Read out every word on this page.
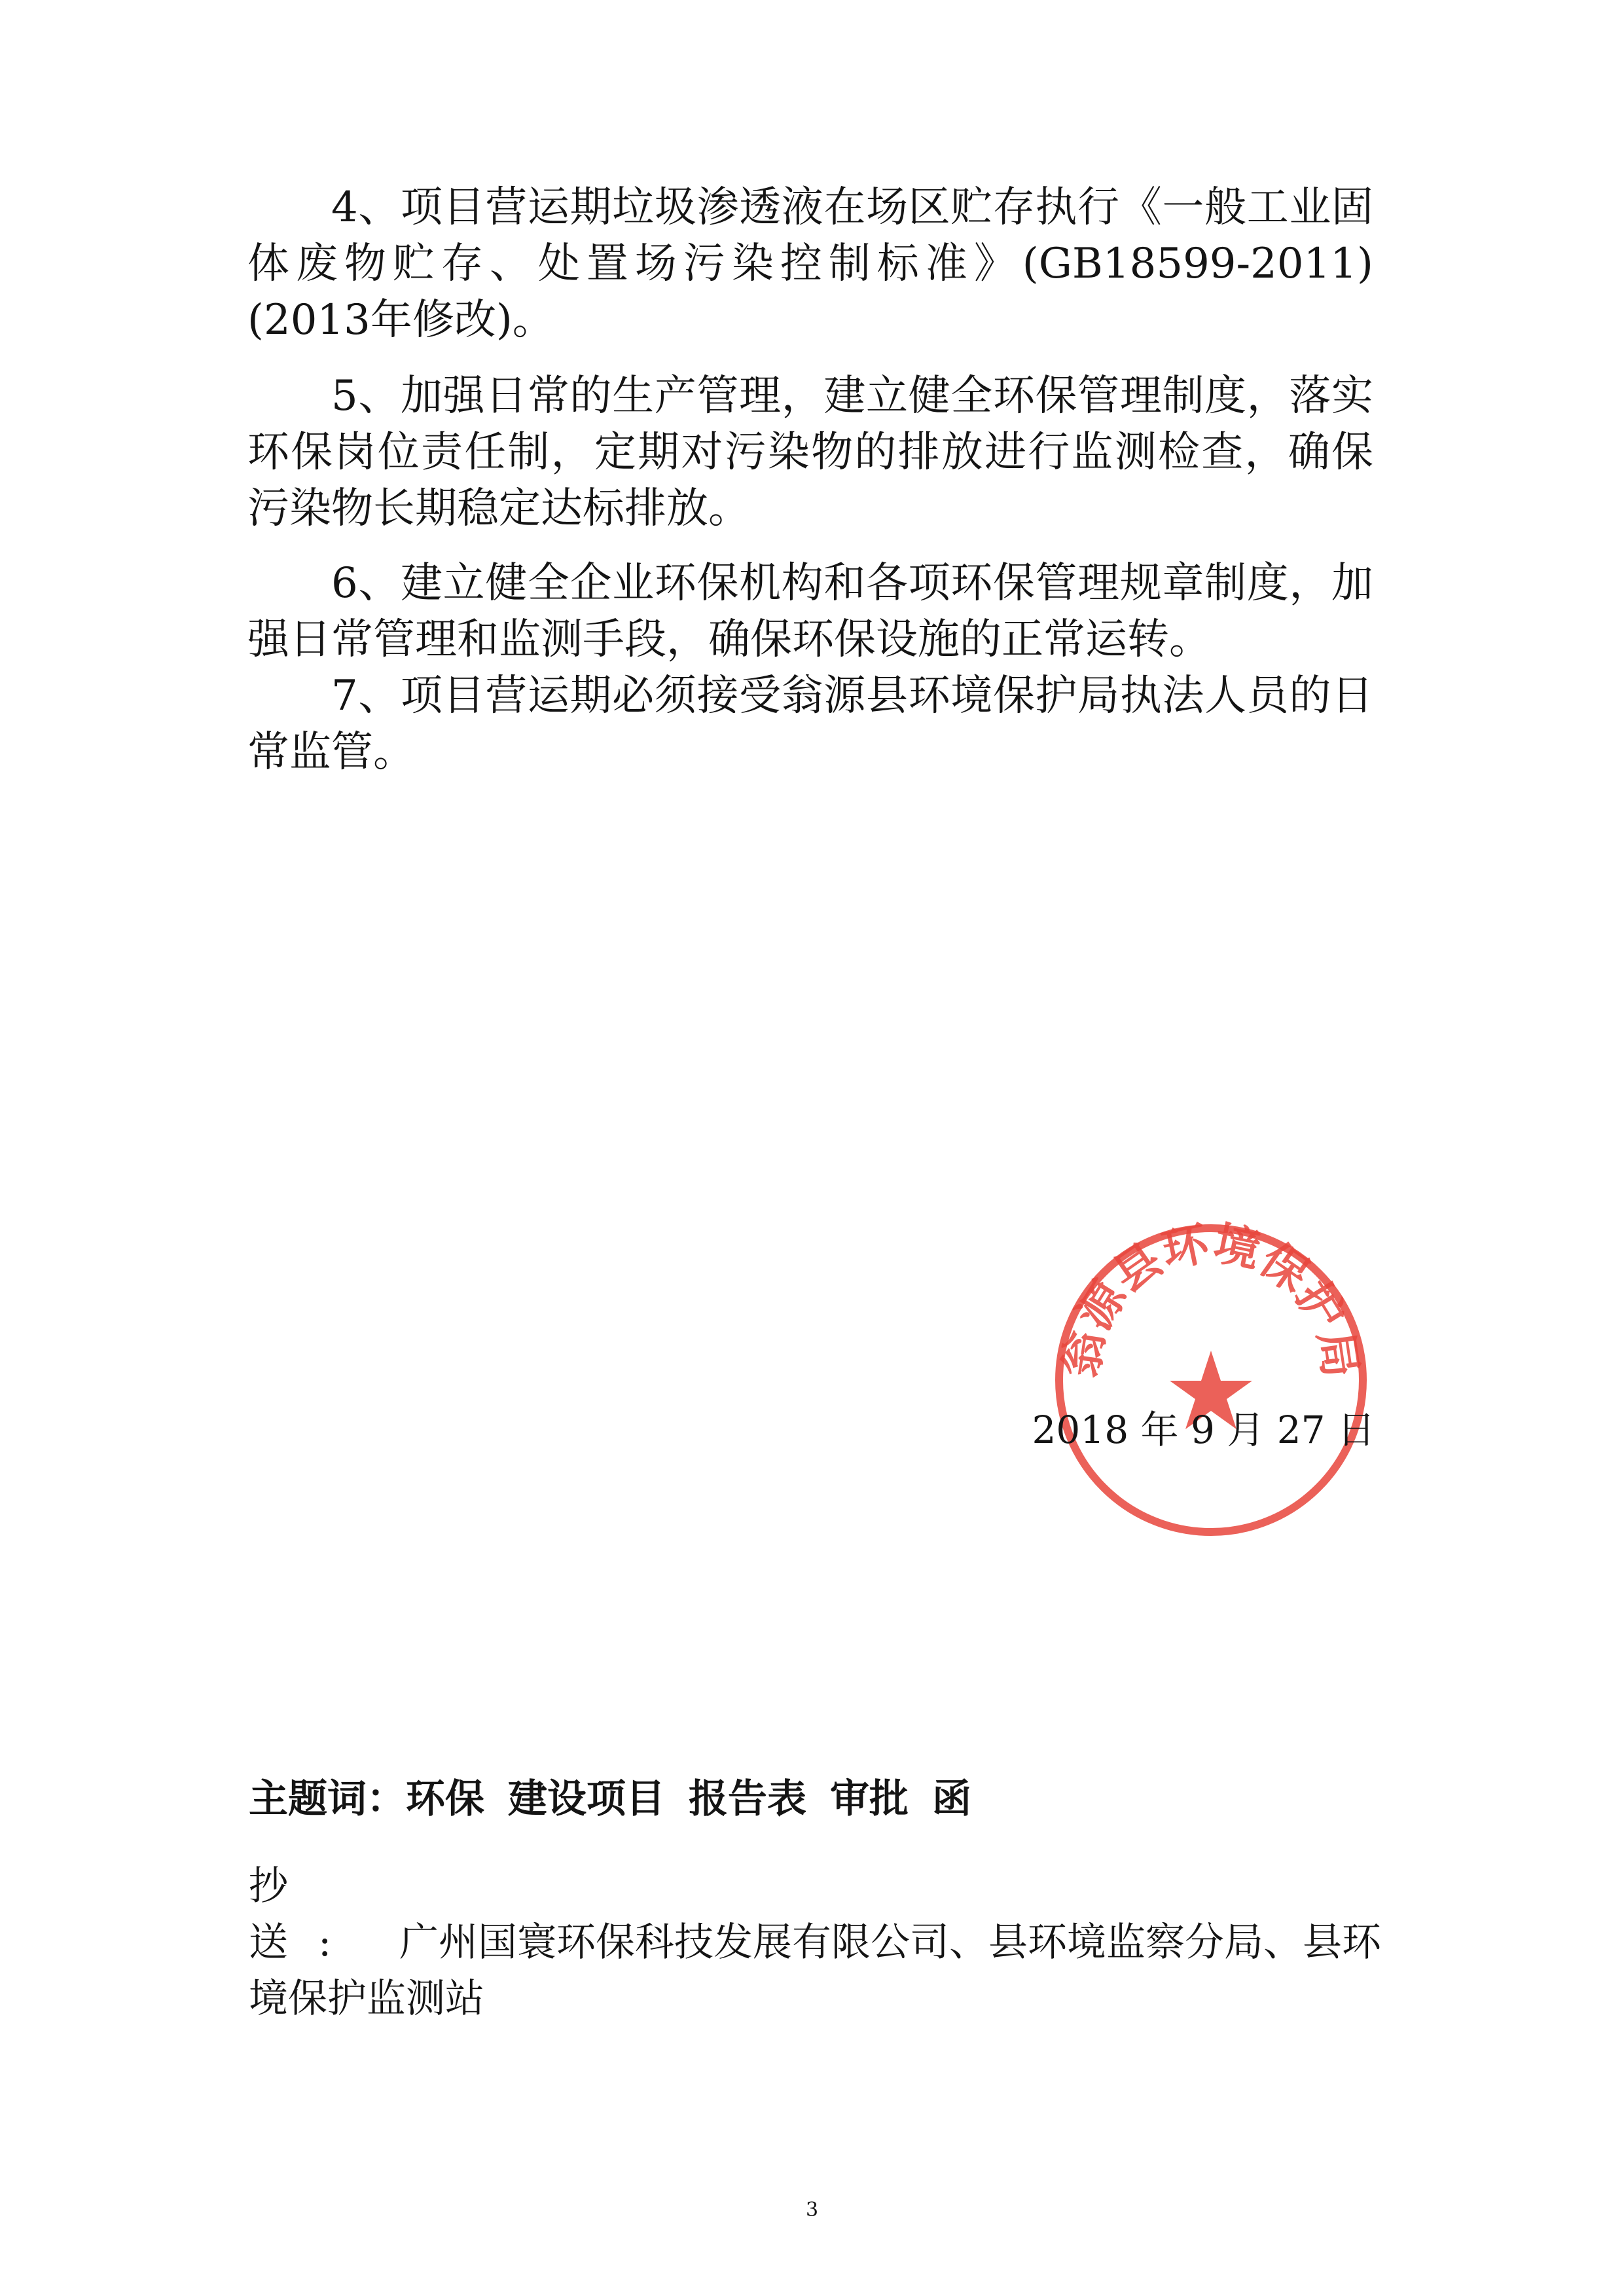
4、项目营运期垃圾渗透液在场区贮存执行《一般工业固体废物贮存、处置场污染控制标准》(GB18599-2011)(2013年修改)。

5、加强日常的生产管理，建立健全环保管理制度，落实环保岗位责任制，定期对污染物的排放进行监测检查，确保污染物长期稳定达标排放。

6、建立健全企业环保机构和各项环保管理规章制度，加强日常管理和监测手段，确保环保设施的正常运转。

7、项目营运期必须接受翁源县环境保护局执法人员的日常监管。

翁源县环境保护局
2018 年 9 月 27 日
主题词：环保 建设项目 报告表 审批 函

抄送: 广州国寰环保科技发展有限公司、县环境监察分局、县环境保护监测站

3
